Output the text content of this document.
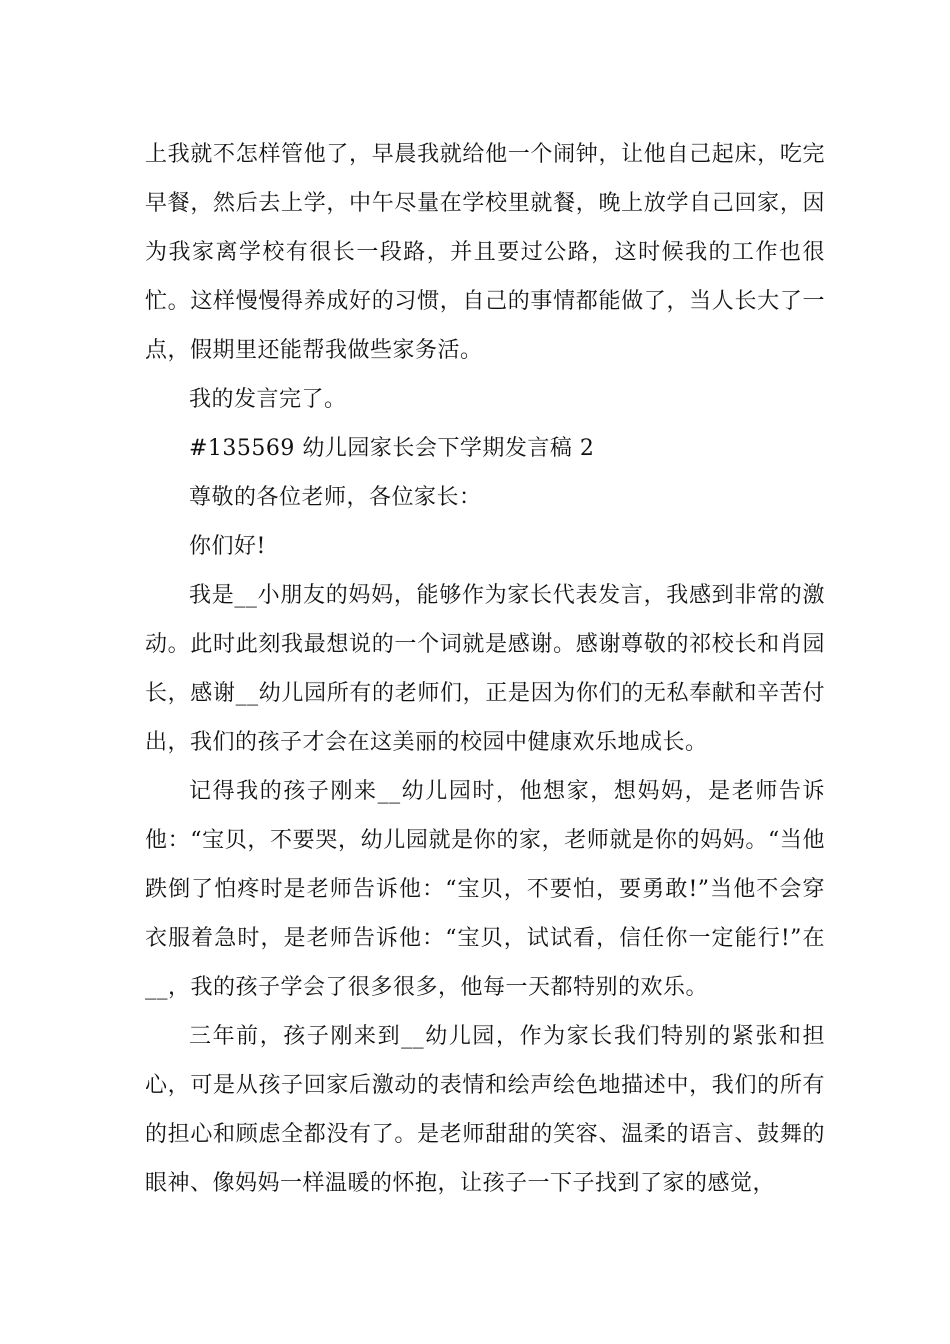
上我就不怎样管他了，早晨我就给他一个闹钟，让他自己起床，吃完早餐，然后去上学，中午尽量在学校里就餐，晚上放学自己回家，因为我家离学校有很长一段路，并且要过公路，这时候我的工作也很忙。这样慢慢得养成好的习惯，自己的事情都能做了，当人长大了一点，假期里还能帮我做些家务活。

我的发言完了。

#135569 幼儿园家长会下学期发言稿 2

尊敬的各位老师，各位家长：

你们好!

我是__小朋友的妈妈，能够作为家长代表发言，我感到非常的激动。此时此刻我最想说的一个词就是感谢。感谢尊敬的祁校长和肖园长，感谢__幼儿园所有的老师们，正是因为你们的无私奉献和辛苦付出，我们的孩子才会在这美丽的校园中健康欢乐地成长。

记得我的孩子刚来__幼儿园时，他想家，想妈妈，是老师告诉他：“宝贝，不要哭，幼儿园就是你的家，老师就是你的妈妈。“当他跌倒了怕疼时是老师告诉他：“宝贝，不要怕，要勇敢!”当他不会穿衣服着急时，是老师告诉他：“宝贝，试试看，信任你一定能行!”在__，我的孩子学会了很多很多，他每一天都特别的欢乐。

三年前，孩子刚来到__幼儿园，作为家长我们特别的紧张和担心，可是从孩子回家后激动的表情和绘声绘色地描述中，我们的所有的担心和顾虑全都没有了。是老师甜甜的笑容、温柔的语言、鼓舞的眼神、像妈妈一样温暖的怀抱，让孩子一下子找到了家的感觉，
